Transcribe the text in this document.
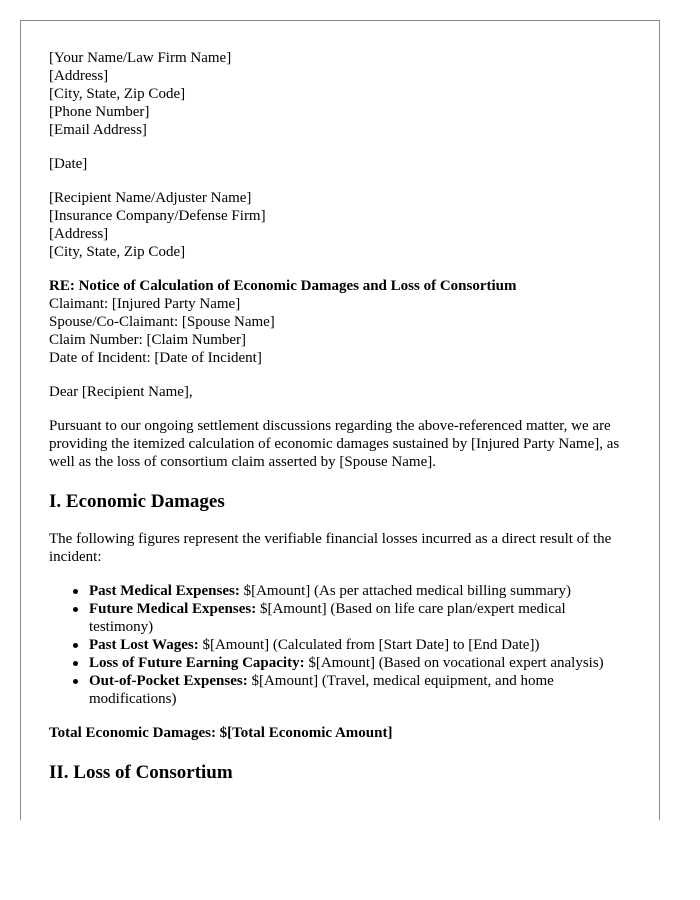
[Your Name/Law Firm Name]
[Address]
[City, State, Zip Code]
[Phone Number]
[Email Address]
[Date]
[Recipient Name/Adjuster Name]
[Insurance Company/Defense Firm]
[Address]
[City, State, Zip Code]
RE: Notice of Calculation of Economic Damages and Loss of Consortium
Claimant: [Injured Party Name]
Spouse/Co-Claimant: [Spouse Name]
Claim Number: [Claim Number]
Date of Incident: [Date of Incident]

Dear [Recipient Name],

Pursuant to our ongoing settlement discussions regarding the above-referenced matter, we are providing the itemized calculation of economic damages sustained by [Injured Party Name], as well as the loss of consortium claim asserted by [Spouse Name].

I. Economic Damages

The following figures represent the verifiable financial losses incurred as a direct result of the incident:

Past Medical Expenses: $[Amount] (As per attached medical billing summary)
Future Medical Expenses: $[Amount] (Based on life care plan/expert medical testimony)
Past Lost Wages: $[Amount] (Calculated from [Start Date] to [End Date])
Loss of Future Earning Capacity: $[Amount] (Based on vocational expert analysis)
Out-of-Pocket Expenses: $[Amount] (Travel, medical equipment, and home modifications)

Total Economic Damages: $[Total Economic Amount]

II. Loss of Consortium
